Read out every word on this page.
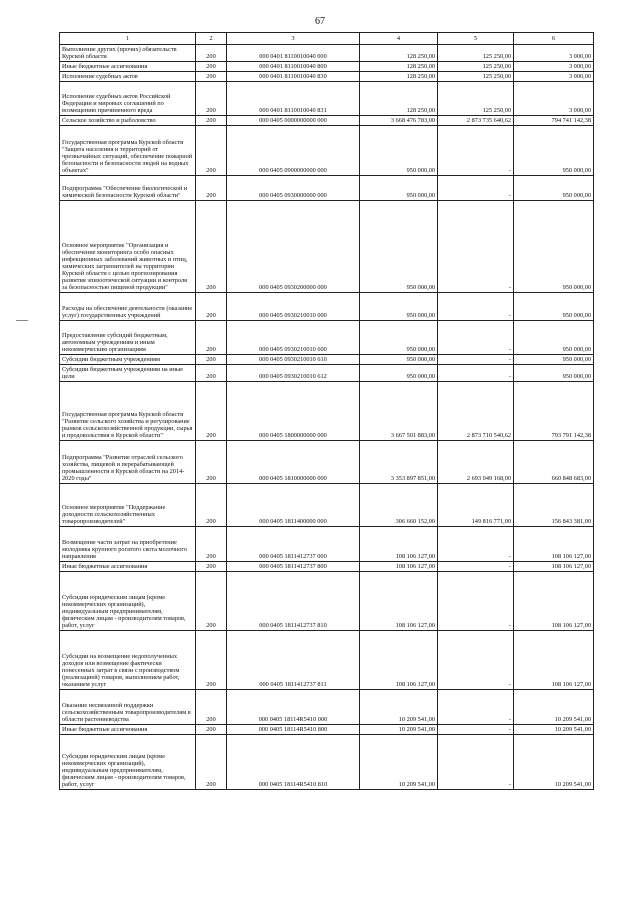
67
1	2	3	4	5	6
Выполнение других (прочих) обязательств Курской области	200	000 0401 8110010040 000	128 250,00	125 250,00	3 000,00
Иные бюджетные ассигнования	200	000 0401 8110010040 800	128 250,00	125 250,00	3 000,00
Исполнение судебных актов	200	000 0401 8110010040 830	128 250,00	125 250,00	3 000,00
Исполнение судебных актов Российской Федерации и мировых соглашений по возмещению причиненного вреда	200	000 0401 8110010040 831	128 250,00	125 250,00	3 000,00
Сельское хозяйство и рыболовство	200	000 0405 0000000000 000	3 668 476 783,00	2 873 735 640,62	794 741 142,38
Государственная программа Курской области "Защита населения и территорий от чрезвычайных ситуаций, обеспечение пожарной безопасности и безопасности людей на водных объектах"	200	000 0405 0900000000 000	950 000,00	-	950 000,00
Подпрограмма "Обеспечение биологической и химической безопасности Курской области"	200	000 0405 0930000000 000	950 000,00	-	950 000,00
Основное мероприятие "Организация и обеспечение мониторинга особо опасных инфекционных заболеваний животных и птиц, химических загрязнителей на территории Курской области с целью прогнозирования развития эпизоотической ситуации и контроля за безопасностью пищевой продукции"	200	000 0405 0930200000 000	950 000,00	-	950 000,00
Расходы на обеспечение деятельности (оказание услуг) государственных учреждений	200	000 0405 0930210010 000	950 000,00	-	950 000,00
Предоставление субсидий бюджетным, автономным учреждениям и иным некоммерческим организациям	200	000 0405 0930210010 600	950 000,00	-	950 000,00
Субсидии бюджетным учреждениям	200	000 0405 0930210010 610	950 000,00	-	950 000,00
Субсидии бюджетным учреждениям на иные цели	200	000 0405 0930210010 612	950 000,00	-	950 000,00
Государственная программа Курской области "Развитие сельского хозяйства и регулирование рынков сельскохозяйственной продукции, сырья и продовольствия в Курской области"	200	000 0405 1800000000 000	3 667 501 883,00	2 873 710 540,62	793 791 142,38
Подпрограмма "Развитие отраслей сельского хозяйства, пищевой и перерабатывающей промышленности в Курской области на 2014-2020 годы"	200	000 0405 1810000000 000	3 353 897 851,00	2 693 049 168,00	660 848 683,00
Основное мероприятие "Поддержание доходности сельскохозяйственных товаропроизводителей"	200	000 0405 1811400000 000	306 660 152,00	149 816 771,00	156 843 381,00
Возмещение части затрат на приобретение молодняка крупного рогатого скота молочного направления	200	000 0405 1811412737 000	108 106 127,00	-	108 106 127,00
Иные бюджетные ассигнования	200	000 0405 1811412737 800	108 106 127,00	-	108 106 127,00
Субсидии юридическим лицам (кроме некоммерческих организаций), индивидуальным предпринимателям, физическим лицам - производителям товаров, работ, услуг	200	000 0405 1811412737 810	108 106 127,00	-	108 106 127,00
Субсидии на возмещение недополученных доходов или возмещение фактически понесенных затрат в связи с производством (реализацией) товаров, выполнением работ, оказанием услуг	200	000 0405 1811412737 811	108 106 127,00	-	108 106 127,00
Оказание несвязанной поддержки сельскохозяйственным товаропроизводителям в области растениеводства	200	000 0405 18114R5410 000	10 209 541,00	-	10 209 541,00
Иные бюджетные ассигнования	200	000 0405 18114R5410 800	10 209 541,00	-	10 209 541,00
Субсидии юридическим лицам (кроме некоммерческих организаций), индивидуальным предпринимателям, физическим лицам - производителям товаров, работ, услуг	200	000 0405 18114R5410 810	10 209 541,00	-	10 209 541,00
